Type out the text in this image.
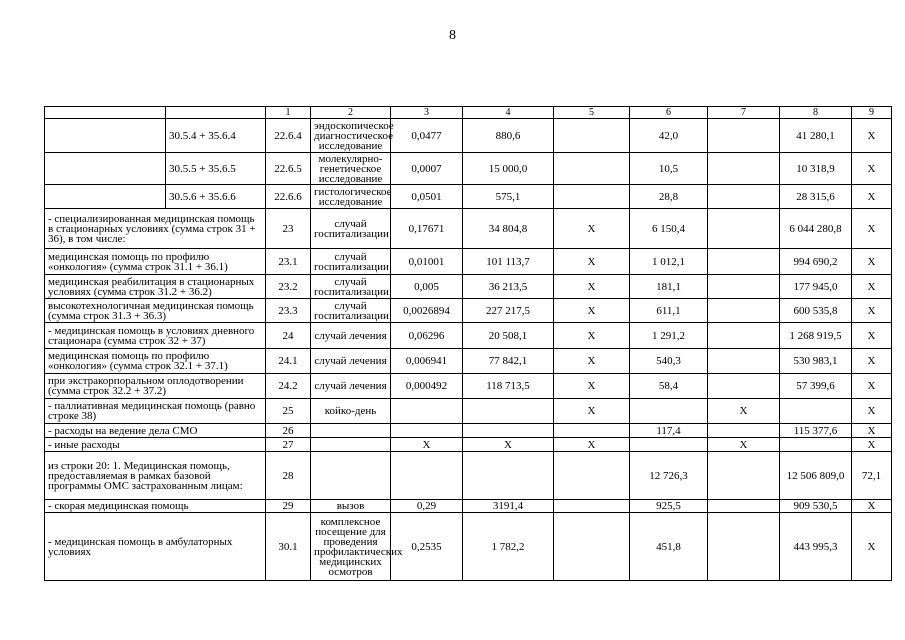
8
		1	2	3	4	5	6	7	8	9
	30.5.4 + 35.6.4	22.6.4	эндоскопическое диагностическое исследование	0,0477	880,6		42,0		41 280,1	X
	30.5.5 + 35.6.5	22.6.5	молекулярно-генетическое исследование	0,0007	15 000,0		10,5		10 318,9	X
	30.5.6 + 35.6.6	22.6.6	гистологическое исследование	0,0501	575,1		28,8		28 315,6	X
- специализированная медицинская помощь в стационарных условиях (сумма строк 31 + 36), в том числе:		23	случай госпитализации	0,17671	34 804,8	X	6 150,4		6 044 280,8	X
медицинская помощь по профилю «онкология» (сумма строк 31.1 + 36.1)		23.1	случай госпитализации	0,01001	101 113,7	X	1 012,1		994 690,2	X
медицинская реабилитация в стационарных условиях (сумма строк 31.2 + 36.2)		23.2	случай госпитализации	0,005	36 213,5	X	181,1		177 945,0	X
высокотехнологичная медицинская помощь (сумма строк 31.3 + 36.3)		23.3	случай госпитализации	0,0026894	227 217,5	X	611,1		600 535,8	X
- медицинская помощь в условиях дневного стационара (сумма строк 32 + 37)		24	случай лечения	0,06296	20 508,1	X	1 291,2		1 268 919,5	X
медицинская помощь по профилю «онкология» (сумма строк 32.1 + 37.1)		24.1	случай лечения	0,006941	77 842,1	X	540,3		530 983,1	X
при экстракорпоральном оплодотворении (сумма строк 32.2 + 37.2)		24.2	случай лечения	0,000492	118 713,5	X	58,4		57 399,6	X
- паллиативная медицинская помощь (равно строке 38)		25	койко-день			X		X		X
- расходы на ведение дела СМО		26					117,4		115 377,6	X
- иные расходы		27		X	X	X		X		X
из строки 20: 1. Медицинская помощь, предоставляемая в рамках базовой программы ОМС застрахованным лицам:		28					12 726,3		12 506 809,0	72,1
- скорая медицинская помощь		29	вызов	0,29	3191,4		925,5		909 530,5	X
- медицинская помощь в амбулаторных условиях		30.1	комплексное посещение для проведения профилактических медицинских осмотров	0,2535	1 782,2		451,8		443 995,3	X
